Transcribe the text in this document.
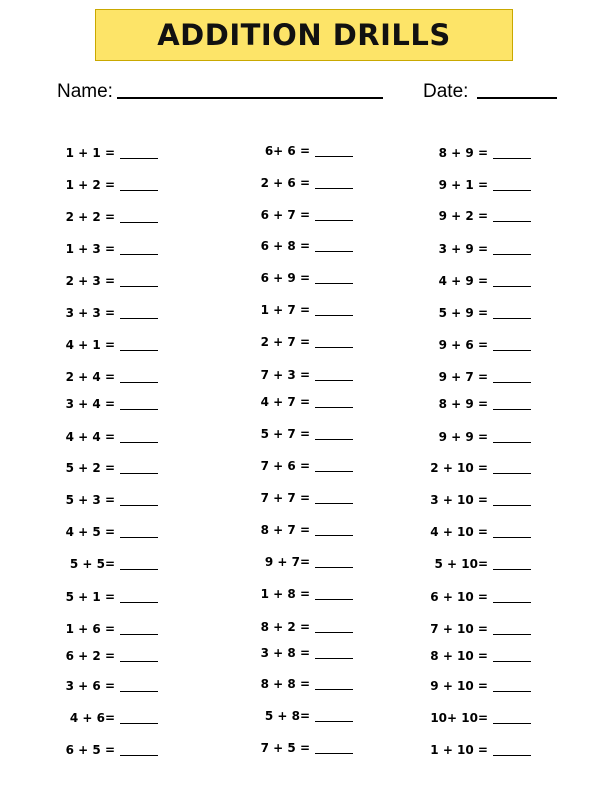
ADDITION DRILLS
Name:	Date:
1 + 1 =
1 + 2 =
2 + 2 =
1 + 3 =
2 + 3 =
3 + 3 =
4 + 1 =
2 + 4 =
3 + 4 =
4 + 4 =
5 + 2 =
5 + 3 =
4 + 5 =
5 + 5=
5 + 1 =
1 + 6 =
6 + 2 =
3 + 6 =
4 + 6=
6 + 5 =
6+ 6 =
2 + 6 =
6 + 7 =
6 + 8 =
6 + 9 =
1 + 7 =
2 + 7 =
7 + 3 =
4 + 7 =
5 + 7 =
7 + 6 =
7 + 7 =
8 + 7 =
9 + 7=
1 + 8 =
8 + 2 =
3 + 8 =
8 + 8 =
5 + 8=
7 + 5 =
8 + 9 =
9 + 1 =
9 + 2 =
3 + 9 =
4 + 9 =
5 + 9 =
9 + 6 =
9 + 7 =
8 + 9 =
9 + 9 =
2 + 10 =
3 + 10 =
4 + 10 =
5 + 10=
6 + 10 =
7 + 10 =
8 + 10 =
9 + 10 =
10+ 10=
1 + 10 =
